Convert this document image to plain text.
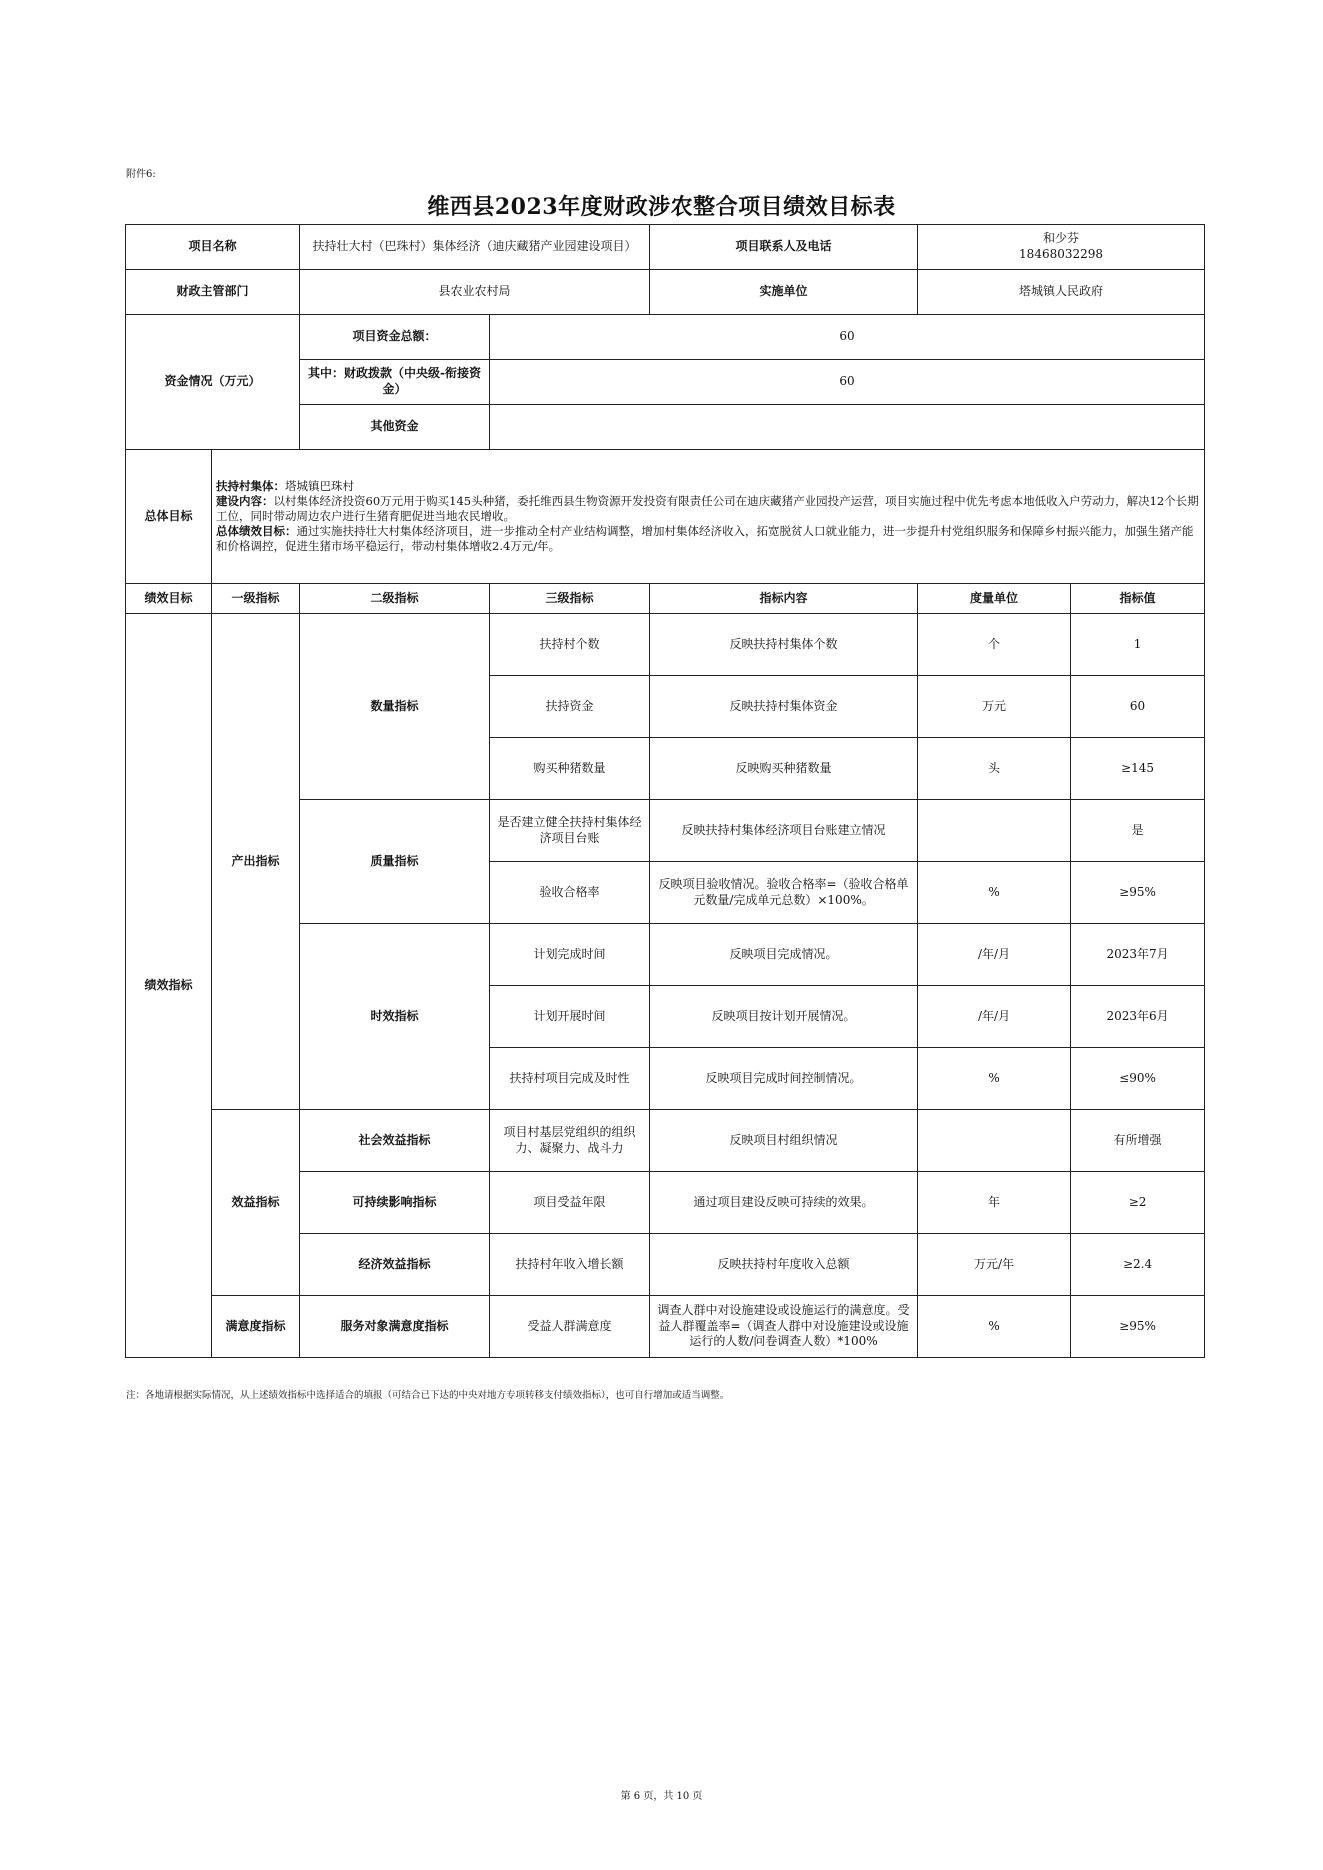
附件6:
维西县2023年度财政涉农整合项目绩效目标表
项目名称		扶持壮大村（巴珠村）集体经济（迪庆藏猪产业园建设项目）		项目联系人及电话	和少芬
18468032298	

财政主管部门		县农业农村局		实施单位	塔城镇人民政府	
资金情况（万元）		项目资金总额：	60			
		其中：财政拨款（中央级-衔接资金）	60			
		其他资金				
总体目标	扶持村集体：塔城镇巴珠村

建设内容：以村集体经济投资60万元用于购买145头种猪，委托维西县生物资源开发投资有限责任公司在迪庆藏猪产业园投产运营，项目实施过程中优先考虑本地低收入户劳动力，解决12个长期工位，同时带动周边农户进行生猪育肥促进当地农民增收。

总体绩效目标：通过实施扶持壮大村集体经济项目，进一步推动全村产业结构调整，增加村集体经济收入，拓宽脱贫人口就业能力，进一步提升村党组织服务和保障乡村振兴能力，加强生猪产能和价格调控，促进生猪市场平稳运行，带动村集体增收2.4万元/年。					

绩效目标	一级指标	二级指标	三级指标	指标内容	度量单位	指标值
绩效指标	产出指标	数量指标	扶持村个数	反映扶持村集体个数	个	1
			扶持资金	反映扶持村集体资金	万元	60
			购买种猪数量	反映购买种猪数量	头	≥145
		质量指标	是否建立健全扶持村集体经济项目台账	反映扶持村集体经济项目台账建立情况		是
			验收合格率	反映项目验收情况。验收合格率=（验收合格单元数量/完成单元总数）×100%。	%	≥95%
		时效指标	计划完成时间	反映项目完成情况。	/年/月	2023年7月
			计划开展时间	反映项目按计划开展情况。	/年/月	2023年6月
			扶持村项目完成及时性	反映项目完成时间控制情况。	%	≤90%
	效益指标	社会效益指标	项目村基层党组织的组织力、凝聚力、战斗力	反映项目村组织情况		有所增强
		可持续影响指标	项目受益年限	通过项目建设反映可持续的效果。	年	≥2
		经济效益指标	扶持村年收入增长额	反映扶持村年度收入总额	万元/年	≥2.4
	满意度指标	服务对象满意度指标	受益人群满意度	调查人群中对设施建设或设施运行的满意度。受益人群覆盖率=（调查人群中对设施建设或设施运行的人数/问卷调查人数）*100%	%	≥95%
注：各地请根据实际情况，从上述绩效指标中选择适合的填报（可结合已下达的中央对地方专项转移支付绩效指标），也可自行增加或适当调整。
第 6 页，共 10 页
